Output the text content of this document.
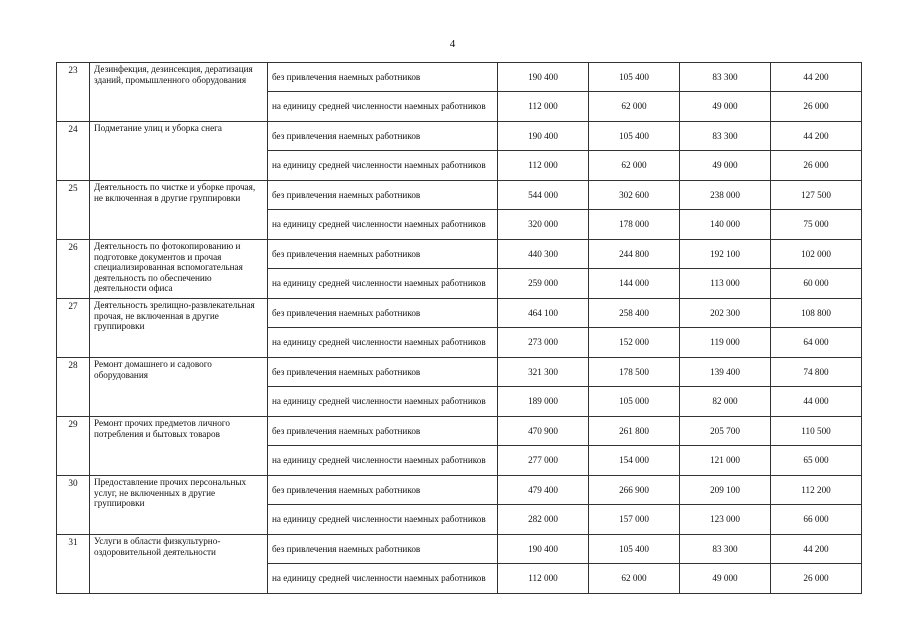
4
23	Дезинфекция, дезинсекция, дератизация зданий, промышленного оборудования	без привлечения наемных работников	190 400	105 400	83 300	44 200
		на единицу средней численности наемных работников	112 000	62 000	49 000	26 000
24	Подметание улиц и уборка снега	без привлечения наемных работников	190 400	105 400	83 300	44 200
		на единицу средней численности наемных работников	112 000	62 000	49 000	26 000
25	Деятельность по чистке и уборке прочая, не включенная в другие группировки	без привлечения наемных работников	544 000	302 600	238 000	127 500
		на единицу средней численности наемных работников	320 000	178 000	140 000	75 000
26	Деятельность по фотокопированию и подготовке документов и прочая специализированная вспомогательная деятельность по обеспечению деятельности офиса	без привлечения наемных работников	440 300	244 800	192 100	102 000
		на единицу средней численности наемных работников	259 000	144 000	113 000	60 000
27	Деятельность зрелищно-развлекательная прочая, не включенная в другие группировки	без привлечения наемных работников	464 100	258 400	202 300	108 800
		на единицу средней численности наемных работников	273 000	152 000	119 000	64 000
28	Ремонт домашнего и садового оборудования	без привлечения наемных работников	321 300	178 500	139 400	74 800
		на единицу средней численности наемных работников	189 000	105 000	82 000	44 000
29	Ремонт прочих предметов личного потребления и бытовых товаров	без привлечения наемных работников	470 900	261 800	205 700	110 500
		на единицу средней численности наемных работников	277 000	154 000	121 000	65 000
30	Предоставление прочих персональных услуг, не включенных в другие группировки	без привлечения наемных работников	479 400	266 900	209 100	112 200
		на единицу средней численности наемных работников	282 000	157 000	123 000	66 000
31	Услуги в области физкультурно-оздоровительной деятельности	без привлечения наемных работников	190 400	105 400	83 300	44 200
		на единицу средней численности наемных работников	112 000	62 000	49 000	26 000
